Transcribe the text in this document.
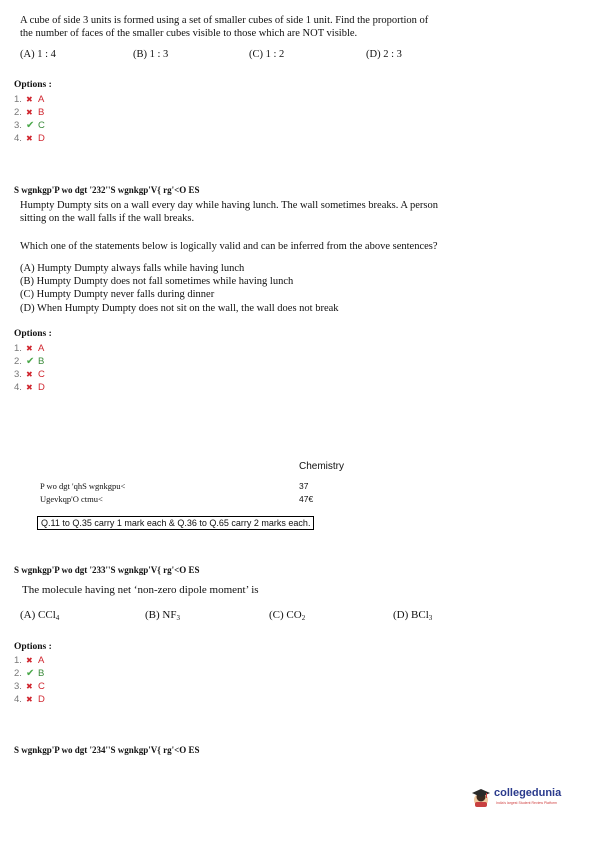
A cube of side 3 units is formed using a set of smaller cubes of side 1 unit. Find the proportion of
the number of faces of the smaller cubes visible to those which are NOT visible.
(A) 1 : 4	(B) 1 : 3	(C) 1 : 2	(D) 2 : 3
Options :
1. ✖ A
2. ✖ B
3. ✔ C
4. ✖ D
S wgnkgp'P wo dgt '232''S wgnkgp'V{ rg'<O ES
Humpty Dumpty sits on a wall every day while having lunch. The wall sometimes breaks. A person
sitting on the wall falls if the wall breaks.
Which one of the statements below is logically valid and can be inferred from the above sentences?
(A) Humpty Dumpty always falls while having lunch
(B) Humpty Dumpty does not fall sometimes while having lunch
(C) Humpty Dumpty never falls during dinner
(D) When Humpty Dumpty does not sit on the wall, the wall does not break
Options :
1. ✖ A
2. ✔ B
3. ✖ C
4. ✖ D
Chemistry
P wo dgt 'qhS wgnkgpu<	37
Ugevkqp'O ctmu<	47€
Q.11 to Q.35 carry 1 mark each & Q.36 to Q.65 carry 2 marks each.
S wgnkgp'P wo dgt '233''S wgnkgp'V{ rg'<O ES
The molecule having net ‘non-zero dipole moment’ is
(A) CCl$_4$	(B) $NF_3$	(C) $CO_2$	(D) BCl$_3$
Options :
1. ✖ A
2. ✔ B
3. ✖ C
4. ✖ D
S wgnkgp'P wo dgt '234''S wgnkgp'V{ rg'<O ES
collegedunia
India's largest Student Review Platform
